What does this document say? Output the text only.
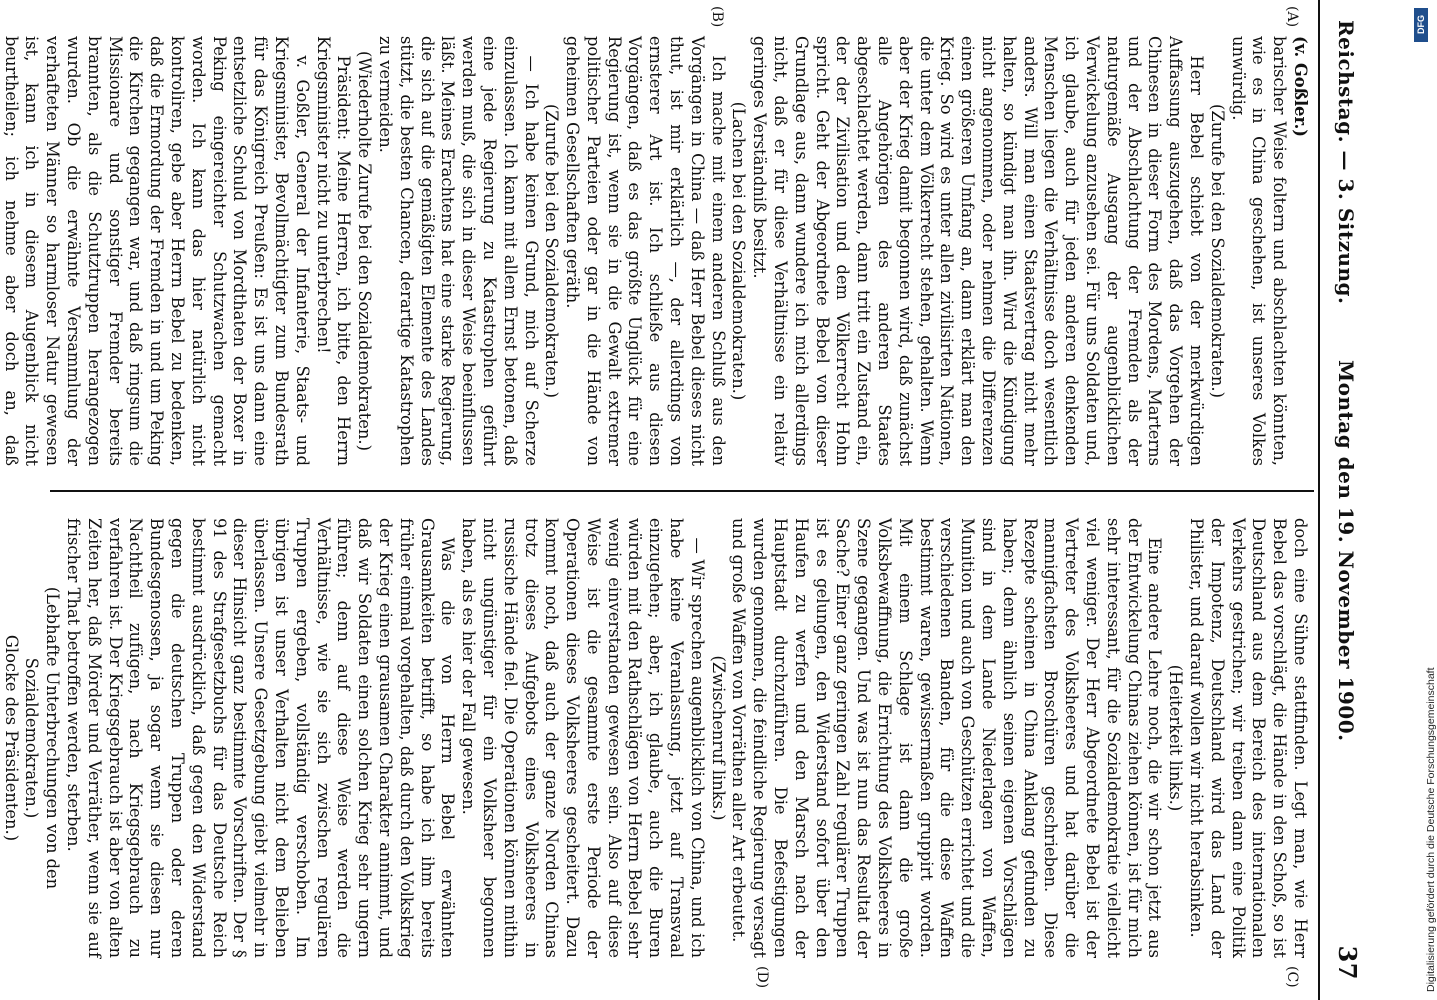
Reichstag. — 3. Sitzung.
Montag den 19. November 1900.
37
(A)
(B)
(C)
(D)

(v. Goßler.)

barischer Weise foltern und abschlachten könnten, wie es in China geschehen, ist unseres Volkes unwürdig.

(Zurufe bei den Sozialdemokraten.)

Herr Bebel schiebt von der merkwürdigen Auffassung auszugehen, daß das Vorgehen der Chinesen in dieser Form des Mordens, Marterns und der Abschlachtung der Fremden als der naturgemäße Ausgang der augenblicklichen Verwickelung anzusehen sei. Für uns Soldaten und, ich glaube, auch für jeden anderen denkenden Menschen liegen die Verhältnisse doch wesentlich anders. Will man einen Staatsvertrag nicht mehr halten, so kündigt man ihn. Wird die Kündigung nicht angenommen, oder nehmen die Differenzen einen größeren Umfang an, dann erklärt man den Krieg. So wird es unter allen zivilisirten Nationen, die unter dem Völkerrecht stehen, gehalten. Wenn aber der Krieg damit begonnen wird, daß zunächst alle Angehörigen des anderen Staates abgeschlachtet werden, dann tritt ein Zustand ein, der der Zivilisation und dem Völkerrecht Hohn spricht. Geht der Abgeordnete Bebel von dieser Grundlage aus, dann wundere ich mich allerdings nicht, daß er für diese Verhältnisse ein relativ geringes Verständniß besitzt.

(Lachen bei den Sozialdemokraten.)

Ich mache mit einem anderen Schluß aus den Vorgängen in China — daß Herr Bebel dieses nicht thut, ist mir erklärlich —, der allerdings von ernsterer Art ist. Ich schließe aus diesen Vorgängen, daß es das größte Unglück für eine Regierung ist, wenn sie in die Gewalt extremer politischer Parteien oder gar in die Hände von geheimen Gesellschaften geräth.

(Zurufe bei den Sozialdemokraten.)

— Ich habe keinen Grund, mich auf Scherze einzulassen. Ich kann mit allem Ernst betonen, daß eine jede Regierung zu Katastrophen geführt werden muß, die sich in dieser Weise beeinflussen läßt. Meines Erachtens hat eine starke Regierung, die sich auf die gemäßigten Elemente des Landes stützt, die besten Chancen, derartige Katastrophen zu vermeiden.

(Wiederholte Zurufe bei den Sozialdemokraten.)

Präsident: Meine Herren, ich bitte, den Herrn Kriegsminister nicht zu unterbrechen!

v. Goßler, General der Infanterie, Staats- und Kriegsminister, Bevollmächtigter zum Bundesrath für das Königreich Preußen: Es ist uns dann eine entsetzliche Schuld von Mordthaten der Boxer in Peking eingereichter Schutzwachen gemacht worden. Ich kann das hier natürlich nicht kontroliren, gebe aber Herrn Bebel zu bedenken, daß die Ermordung der Fremden in und um Peking die Kirchen gegangen war, und daß ringsum die Missionare und sonstiger Fremder bereits brannten, als die Schutztruppen herangezogen wurden. Ob die erwähnte Versammlung der verhafteten Männer so harmloser Natur gewesen ist, kann ich in diesem Augenblick nicht beurtheilen; ich nehme aber doch an, daß

doch eine Sühne stattfinden. Legt man, wie Herr Bebel das vorschlägt, die Hände in den Schoß, so ist Deutschland aus dem Bereich des internationalen Verkehrs gestrichen; wir treiben dann eine Politik der Impotenz, Deutschland wird das Land der Philister, und darauf wollen wir nicht herabsinken.

(Heiterkeit links.)

Eine andere Lehre noch, die wir schon jetzt aus der Entwickelung Chinas ziehen können, ist für mich sehr interessant, für die Sozialdemokratie vielleicht viel weniger. Der Herr Abgeordnete Bebel ist der Vertreter des Volksheeres und hat darüber die mannigfachsten Broschüren geschrieben. Diese Rezepte scheinen in China Anklang gefunden zu haben; denn ähnlich seinen eigenen Vorschlägen sind in dem Lande Niederlagen von Waffen, Munition und auch von Geschützen errichtet und die verschiedenen Banden, für die diese Waffen bestimmt waren, gewissermaßen gruppirt worden. Mit einem Schlage ist dann die große Volksbewaffnung, die Errichtung des Volksheeres in Szene gegangen. Und was ist nun das Resultat der Sache? Einer ganz geringen Zahl regulärer Truppen ist es gelungen, den Widerstand sofort über den Haufen zu werfen und den Marsch nach der Hauptstadt durchzuführen. Die Befestigungen wurden genommen, die feindliche Regierung versagt und große Waffen von Vorräthen aller Art erbeutet.

(Zwischenruf links.)

— Wir sprechen augenblicklich von China, und ich habe keine Veranlassung, jetzt auf Transvaal einzugehen; aber, ich glaube, auch die Buren würden mit den Rathschlägen von Herrn Bebel sehr wenig einverstanden gewesen sein. Also auf diese Weise ist die gesammte erste Periode der Operationen dieses Volksheeres gescheitert. Dazu kommt noch, daß auch der ganze Norden Chinas trotz dieses Aufgebots eines Volksheeres in russische Hände fiel. Die Operationen können mithin nicht ungünstiger für ein Volksheer begonnen haben, als es hier der Fall gewesen.

Was die von Herrn Bebel erwähnten Grausamkeiten betrifft, so habe ich ihm bereits früher einmal vorgehalten, daß durch den Volkskrieg der Krieg einen grausamen Charakter annimmt, und daß wir Soldaten einen solchen Krieg sehr ungern führen; denn auf diese Weise werden die Verhältnisse, wie sie sich zwischen regulären Truppen ergeben, vollständig verschoben. Im übrigen ist unser Verhalten nicht dem Belieben überlassen. Unsere Gesetzgebung giebt vielmehr in dieser Hinsicht ganz bestimmte Vorschriften. Der § 91 des Strafgesetzbuchs für das Deutsche Reich bestimmt ausdrücklich, daß gegen den Widerstand gegen die deutschen Truppen oder deren Bundesgenossen, ja sogar wenn sie diesen nur Nachtheil zufügen, nach Kriegsgebrauch zu verfahren ist. Der Kriegsgebrauch ist aber von alten Zeiten her, daß Mörder und Verräther, wenn sie auf frischer That betroffen werden, sterben.

(Lebhafte Unterbrechungen von den Sozialdemokraten.)

Glocke des Präsidenten.)

DFG
Digitalisierung gefördert durch die Deutsche Forschungsgemeinschaft
